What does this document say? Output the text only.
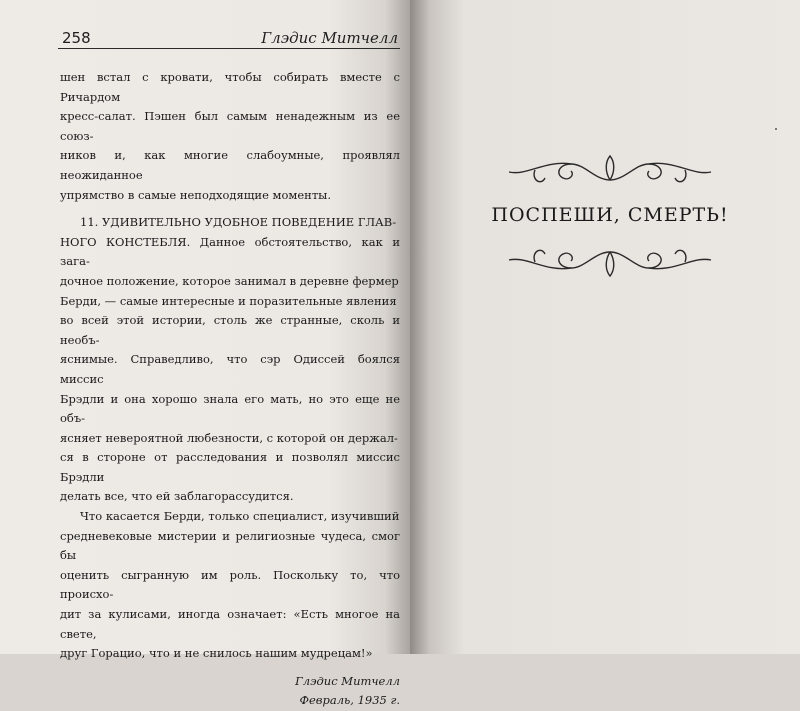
258	Глэдис Митчелл

шен встал с кровати, чтобы собирать вместе с Ричардом

кресс-салат. Пэшен был самым ненадежным из ее союз-

ников и, как многие слабоумные, проявлял неожиданное

упрямство в самые неподходящие моменты.

11. УДИВИТЕЛЬНО УДОБНОЕ ПОВЕДЕНИЕ ГЛАВ-

НОГО КОНСТЕБЛЯ. Данное обстоятельство, как и зага-

дочное положение, которое занимал в деревне фермер

Берди, — самые интересные и поразительные явления

во всей этой истории, столь же странные, сколь и необъ-

яснимые. Справедливо, что сэр Одиссей боялся миссис

Брэдли и она хорошо знала его мать, но это еще не объ-

ясняет невероятной любезности, с которой он держал-

ся в стороне от расследования и позволял миссис Брэдли

делать все, что ей заблагорассудится.

Что касается Берди, только специалист, изучивший

средневековые мистерии и религиозные чудеса, смог бы

оценить сыгранную им роль. Поскольку то, что происхо-

дит за кулисами, иногда означает: «Есть многое на свете,

друг Горацио, что и не снилось нашим мудрецам!»

Глэдис Митчелл
Февраль, 1935 г.
ПОСПЕШИ, СМЕРТЬ!
